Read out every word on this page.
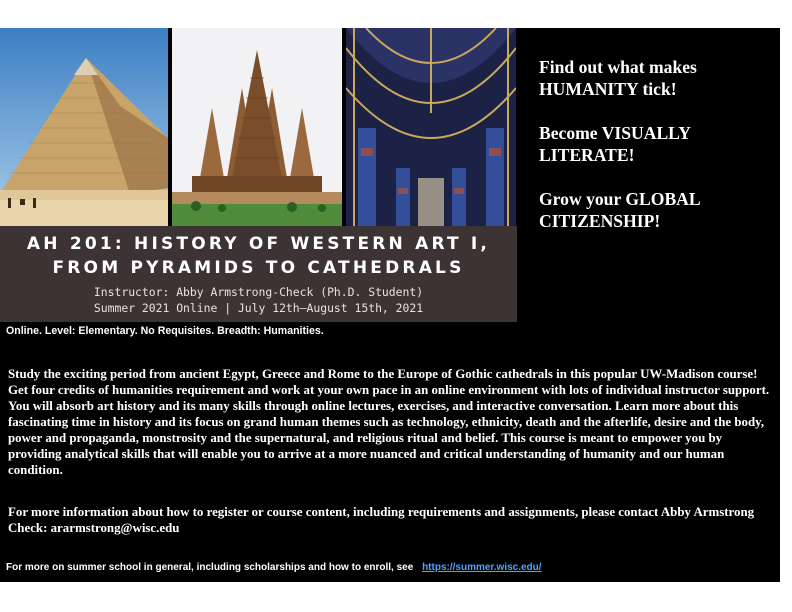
AH 201: HISTORY OF WESTERN ART I,
FROM PYRAMIDS TO CATHEDRALS
Instructor: Abby Armstrong-Check (Ph.D. Student)
Summer 2021 Online | July 12th–August 15th, 2021

Find out what makes HUMANITY tick!

Become VISUALLY LITERATE!

Grow your GLOBAL CITIZENSHIP!

Online. Level: Elementary. No Requisites. Breadth: Humanities.
Study the exciting period from ancient Egypt, Greece and Rome to the Europe of Gothic cathedrals in this popular UW-Madison course! Get four credits of humanities requirement and work at your own pace in an online environment with lots of individual instructor support. You will absorb art history and its many skills through online lectures, exercises, and interactive conversation. Learn more about this fascinating time in history and its focus on grand human themes such as technology, ethnicity, death and the afterlife, desire and the body, power and propaganda, monstrosity and the supernatural, and religious ritual and belief. This course is meant to empower you by providing analytical skills that will enable you to arrive at a more nuanced and critical understanding of humanity and our human condition.
For more information about how to register or course content, including requirements and assignments, please contact Abby Armstrong Check: ararmstrong@wisc.edu
For more on summer school in general, including scholarships and how to enroll, see https://summer.wisc.edu/
